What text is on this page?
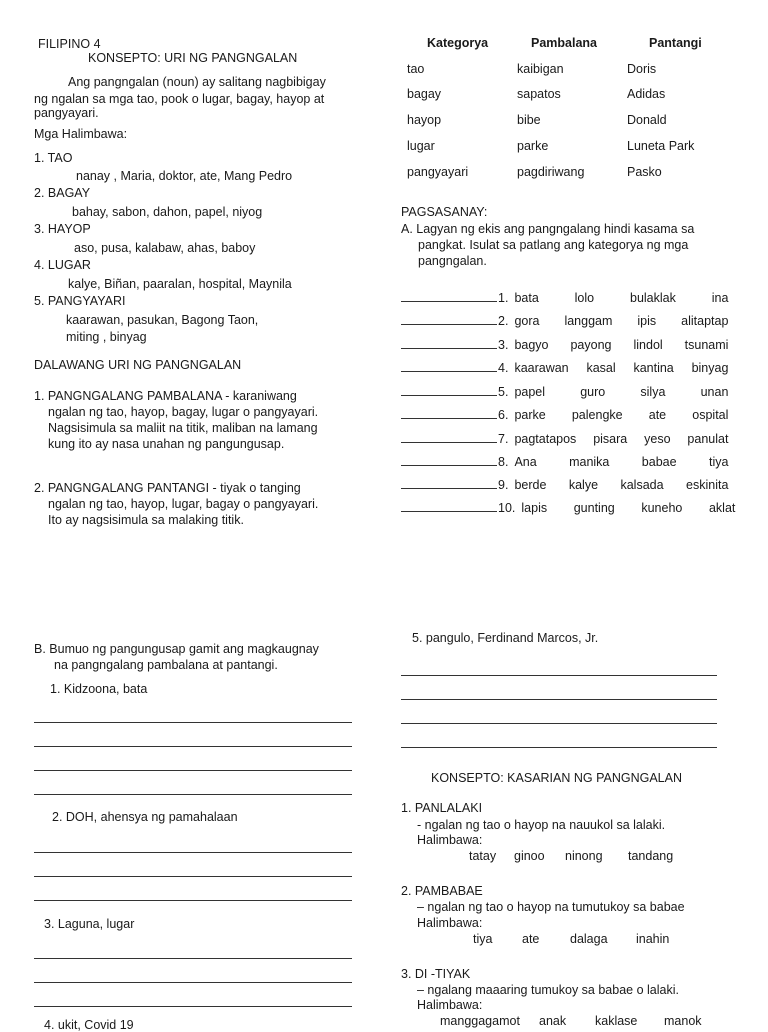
FILIPINO 4
KONSEPTO: URI NG PANGNGALAN
Ang pangngalan (noun) ay salitang nagbibigay
ng ngalan sa mga tao, pook o lugar, bagay, hayop at
pangyayari.
Mga Halimbawa:
1. TAO
nanay , Maria, doktor, ate, Mang Pedro
2. BAGAY
bahay, sabon, dahon, papel, niyog
3. HAYOP
aso, pusa, kalabaw, ahas, baboy
4. LUGAR
kalye, Biñan, paaralan, hospital, Maynila
5. PANGYAYARI
kaarawan, pasukan, Bagong Taon,
miting , binyag
DALAWANG URI NG PANGNGALAN
1. PANGNGALANG PAMBALANA - karaniwang
ngalan ng tao, hayop, bagay, lugar o pangyayari.
Nagsisimula sa maliit na titik, maliban na lamang
kung ito ay nasa unahan ng pangungusap.
2. PANGNGALANG PANTANGI - tiyak o tanging
ngalan ng tao, hayop, lugar, bagay o pangyayari.
Ito ay nagsisimula sa malaking titik.
B. Bumuo ng pangungusap gamit ang magkaugnay
na pangngalang pambalana at pantangi.
1. Kidzoona, bata
2. DOH, ahensya ng pamahalaan
3. Laguna, lugar
4. ukit, Covid 19
Kategorya	Pambalana	Pantangi
tao	kaibigan	Doris
bagay	sapatos	Adidas
hayop	bibe	Donald
lugar	parke	Luneta Park
pangyayari	pagdiriwang	Pasko
PAGSASANAY:
A. Lagyan ng ekis ang pangngalang hindi kasama sa
pangkat. Isulat sa patlang ang kategorya ng mga
pangngalan.
1. bata	lolo	bulaklak	ina
2. gora langgam ipis alitaptap
3. bagyo payong lindol tsunami
4. kaarawan kasal kantina binyag
5. papel	guro	silya	unan
6. parke palengke ate ospital
7. pagtatapos pisara yeso panulat
8. Ana	manika	babae	tiya
9. berde kalye kalsada eskinita
10. lapis gunting kuneho aklat
5. pangulo, Ferdinand Marcos, Jr.
KONSEPTO: KASARIAN NG PANGNGALAN
1. PANLALAKI
- ngalan ng tao o hayop na nauukol sa lalaki.
Halimbawa:
tatay ginoo ninong tandang
2. PAMBABAE
– ngalan ng tao o hayop na tumutukoy sa babae
Halimbawa:
tiya ate dalaga inahin
3. DI -TIYAK
– ngalang maaaring tumukoy sa babae o lalaki.
Halimbawa:
manggagamot anak kaklase manok
